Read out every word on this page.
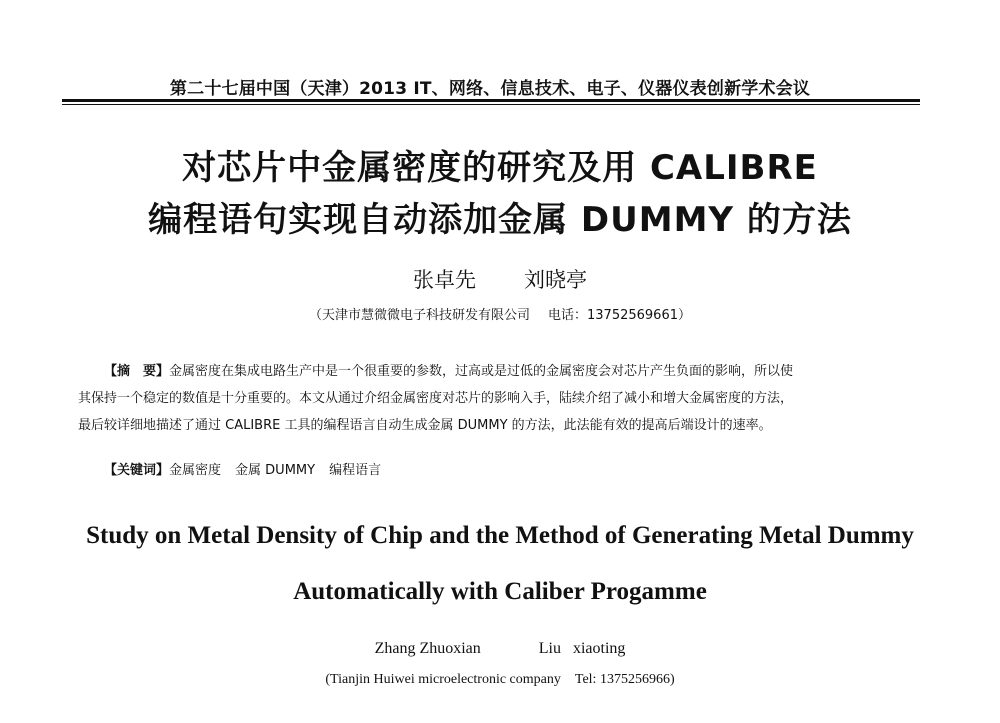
第二十七届中国（天津）2013 IT、网络、信息技术、电子、仪器仪表创新学术会议
对芯片中金属密度的研究及用 CALIBRE
编程语句实现自动添加金属 DUMMY 的方法
张卓先 刘晓亭
（天津市慧微微电子科技研发有限公司 电话：13752569661）
【摘　要】金属密度在集成电路生产中是一个很重要的参数，过高或是过低的金属密度会对芯片产生负面的影响，所以使
其保持一个稳定的数值是十分重要的。本文从通过介绍金属密度对芯片的影响入手，陆续介绍了减小和增大金属密度的方法，
最后较详细地描述了通过 CALIBRE 工具的编程语言自动生成金属 DUMMY 的方法，此法能有效的提高后端设计的速率。
【关键词】金属密度 金属 DUMMY 编程语言
Study on Metal Density of Chip and the Method of Generating Metal Dummy
Automatically with Caliber Progamme
Zhang Zhuoxian	Liu   xiaoting
(Tianjin Huiwei microelectronic company Tel: 1375256966)
